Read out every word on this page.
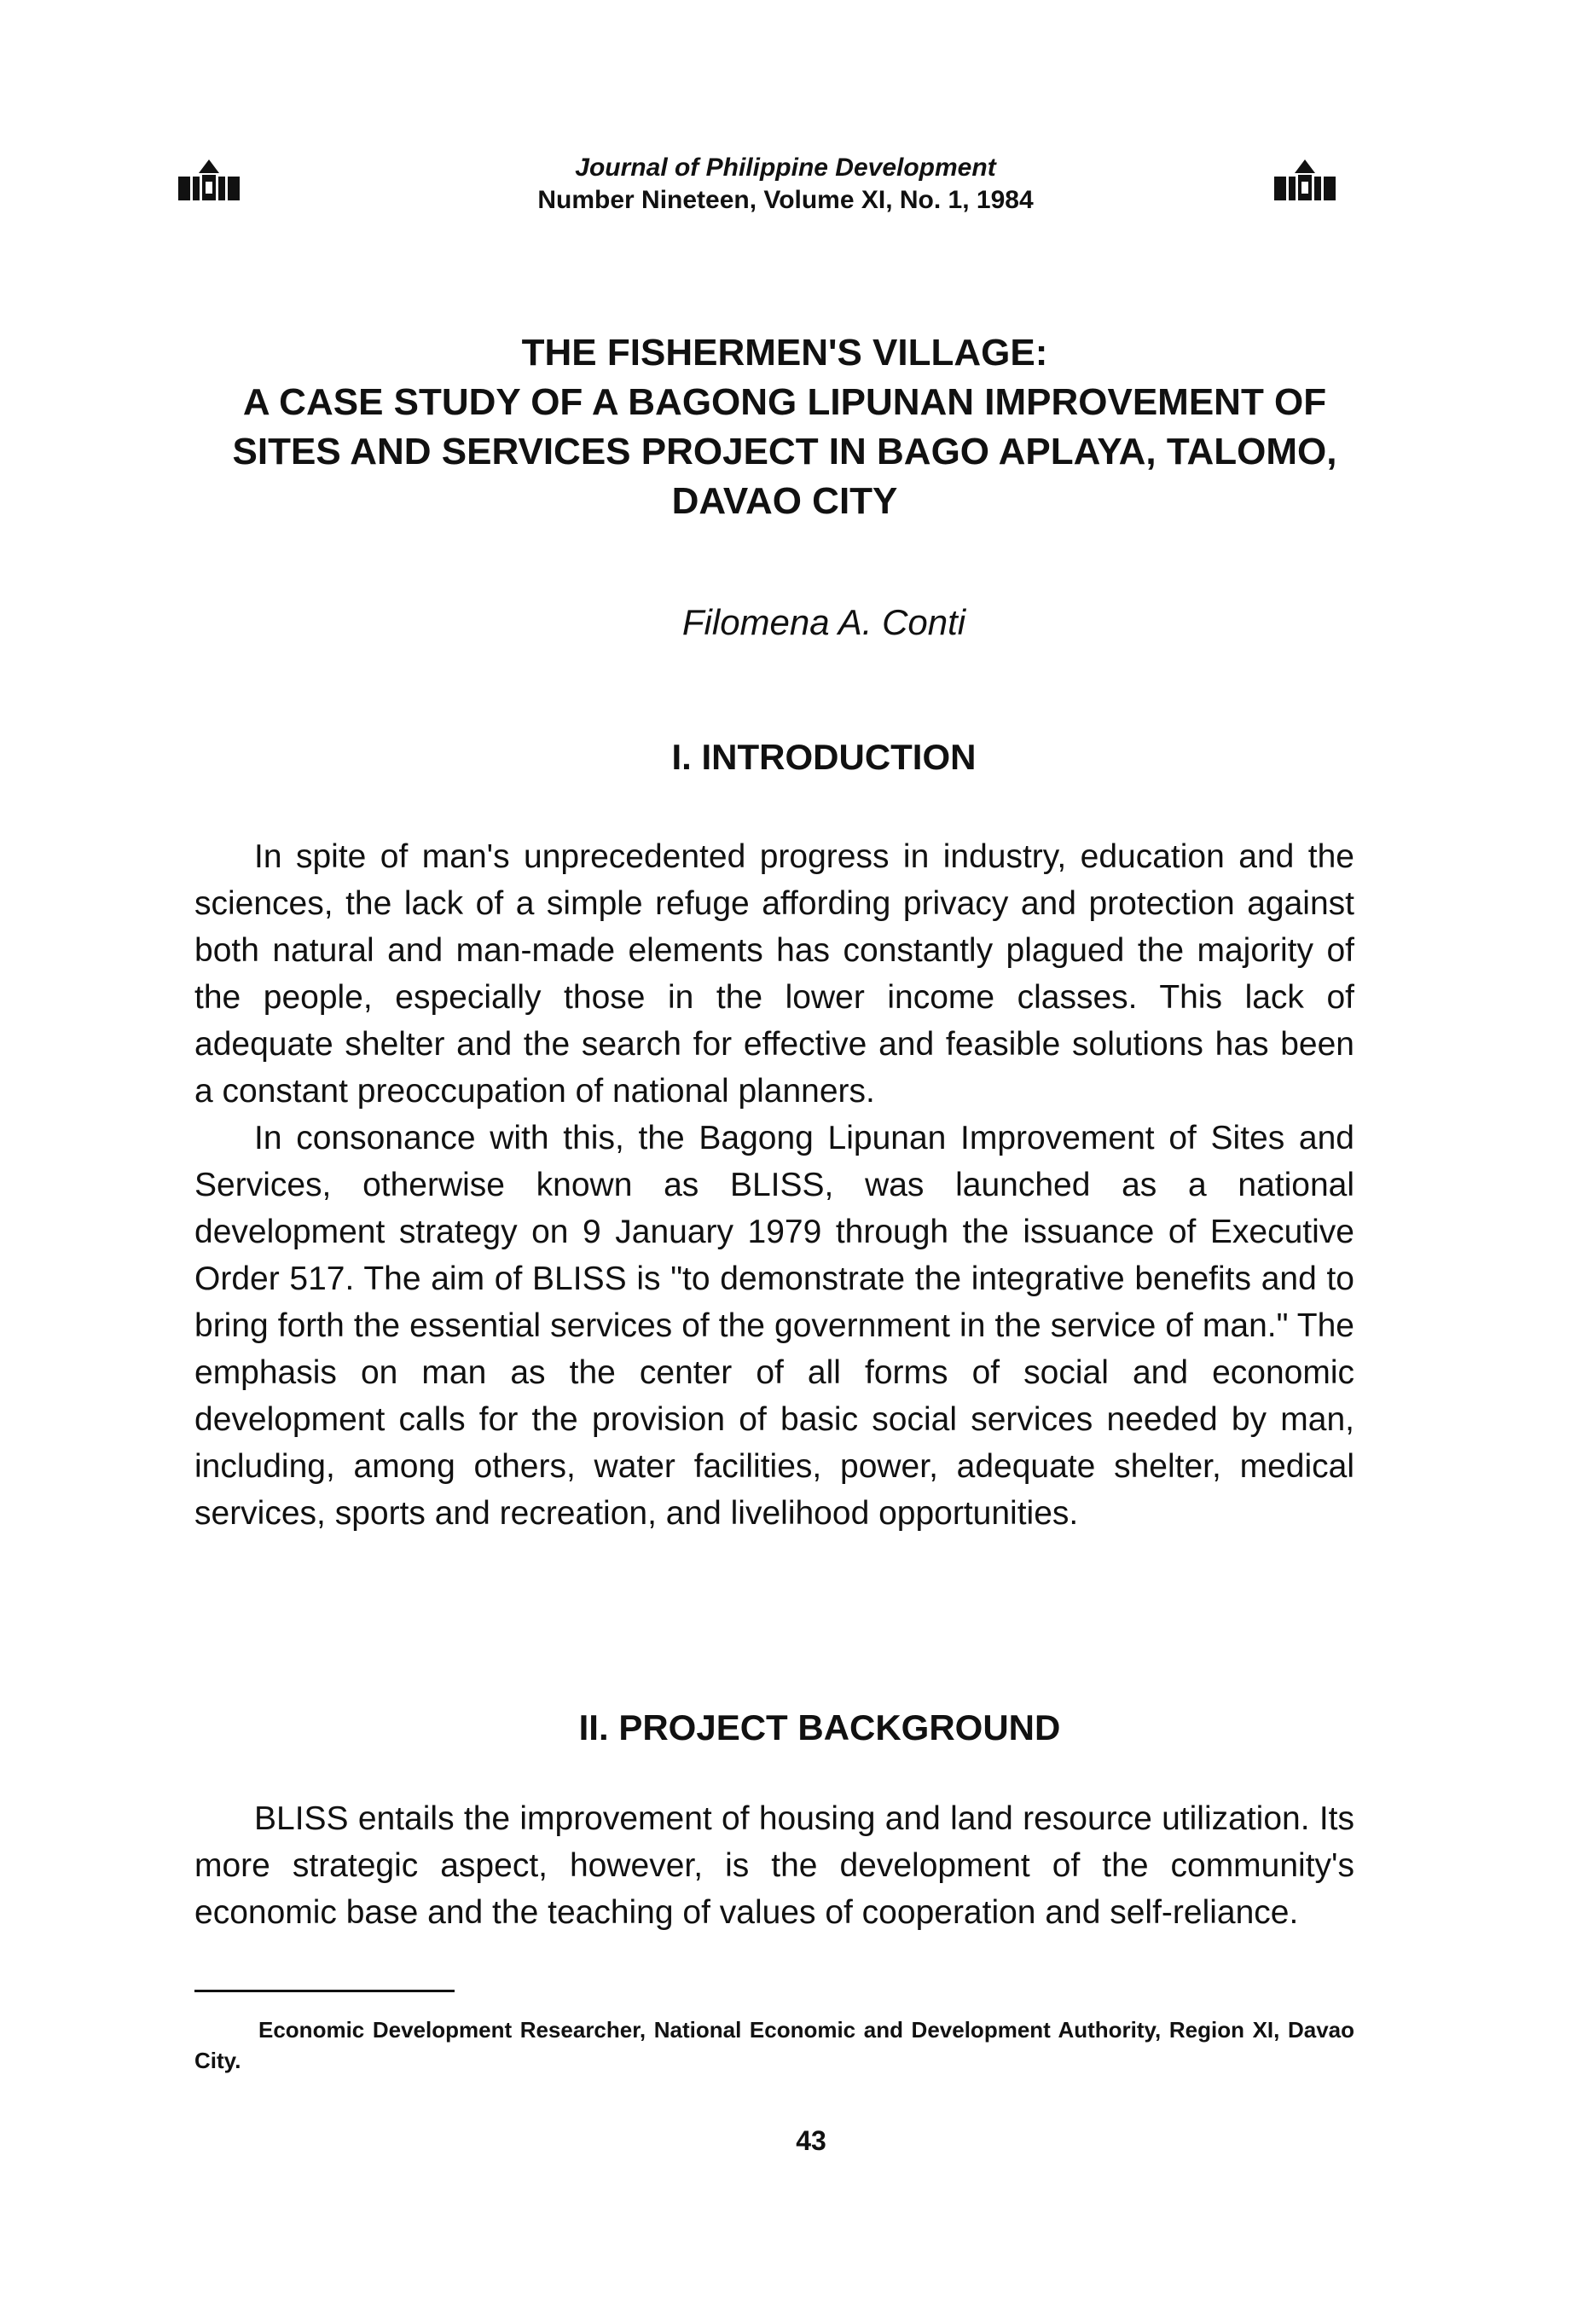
Journal of Philippine Development
Number Nineteen, Volume XI, No. 1, 1984
THE FISHERMEN'S VILLAGE:
A CASE STUDY OF A BAGONG LIPUNAN IMPROVEMENT OF
SITES AND SERVICES PROJECT IN BAGO APLAYA, TALOMO,
DAVAO CITY
Filomena A. Conti
I. INTRODUCTION

In spite of man's unprecedented progress in industry, education and the sciences, the lack of a simple refuge affording privacy and protection against both natural and man-made elements has constantly plagued the majority of the people, especially those in the lower income classes. This lack of adequate shelter and the search for effective and feasible solutions has been a constant preoccupation of national planners.

In consonance with this, the Bagong Lipunan Improvement of Sites and Services, otherwise known as BLISS, was launched as a national development strategy on 9 January 1979 through the issuance of Executive Order 517. The aim of BLISS is "to demonstrate the integrative benefits and to bring forth the essential services of the government in the service of man." The emphasis on man as the center of all forms of social and economic development calls for the provision of basic social services needed by man, including, among others, water facilities, power, adequate shelter, medical services, sports and recreation, and livelihood opportunities.

II. PROJECT BACKGROUND

BLISS entails the improvement of housing and land resource utilization. Its more strategic aspect, however, is the development of the community's economic base and the teaching of values of cooperation and self-reliance.

Economic Development Researcher, National Economic and Development Authority, Region XI, Davao City.
43
